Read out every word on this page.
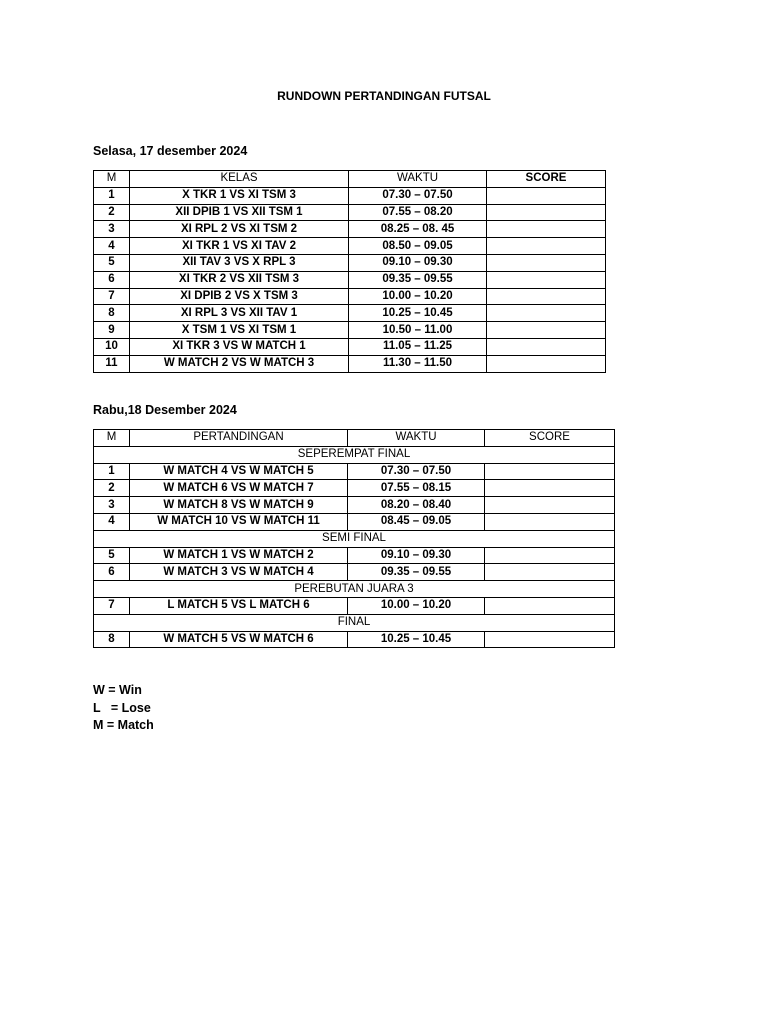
RUNDOWN PERTANDINGAN FUTSAL
Selasa, 17 desember 2024
M	KELAS	WAKTU	SCORE
1	X TKR 1 VS XI TSM 3	07.30 – 07.50	
2	XII DPIB 1 VS XII TSM 1	07.55 – 08.20	
3	XI RPL 2 VS XI TSM 2	08.25 – 08. 45	
4	XI TKR 1 VS XI TAV 2	08.50 – 09.05	
5	XII TAV 3 VS X RPL 3	09.10 – 09.30	
6	XI TKR 2 VS XII TSM 3	09.35 – 09.55	
7	XI DPIB 2 VS X TSM 3	10.00 – 10.20	
8	XI RPL 3 VS XII TAV 1	10.25 – 10.45	
9	X TSM 1 VS XI TSM 1	10.50 – 11.00	
10	XI TKR 3 VS W MATCH 1	11.05 – 11.25	
11	W MATCH 2 VS W MATCH 3	11.30 – 11.50	
Rabu,18 Desember 2024
M	PERTANDINGAN	WAKTU	SCORE
SEPEREMPAT FINAL			
1	W MATCH 4 VS W MATCH 5	07.30 – 07.50	
2	W MATCH 6 VS W MATCH 7	07.55 – 08.15	
3	W MATCH 8 VS W MATCH 9	08.20 – 08.40	
4	W MATCH 10 VS W MATCH 11	08.45 – 09.05	
SEMI FINAL			
5	W MATCH 1 VS W MATCH 2	09.10 – 09.30	
6	W MATCH 3 VS W MATCH 4	09.35 – 09.55	
PEREBUTAN JUARA 3			
7	L MATCH 5 VS L MATCH 6	10.00 – 10.20	
FINAL			
8	W MATCH 5 VS W MATCH 6	10.25 – 10.45	
W = Win
L   = Lose
M = Match
